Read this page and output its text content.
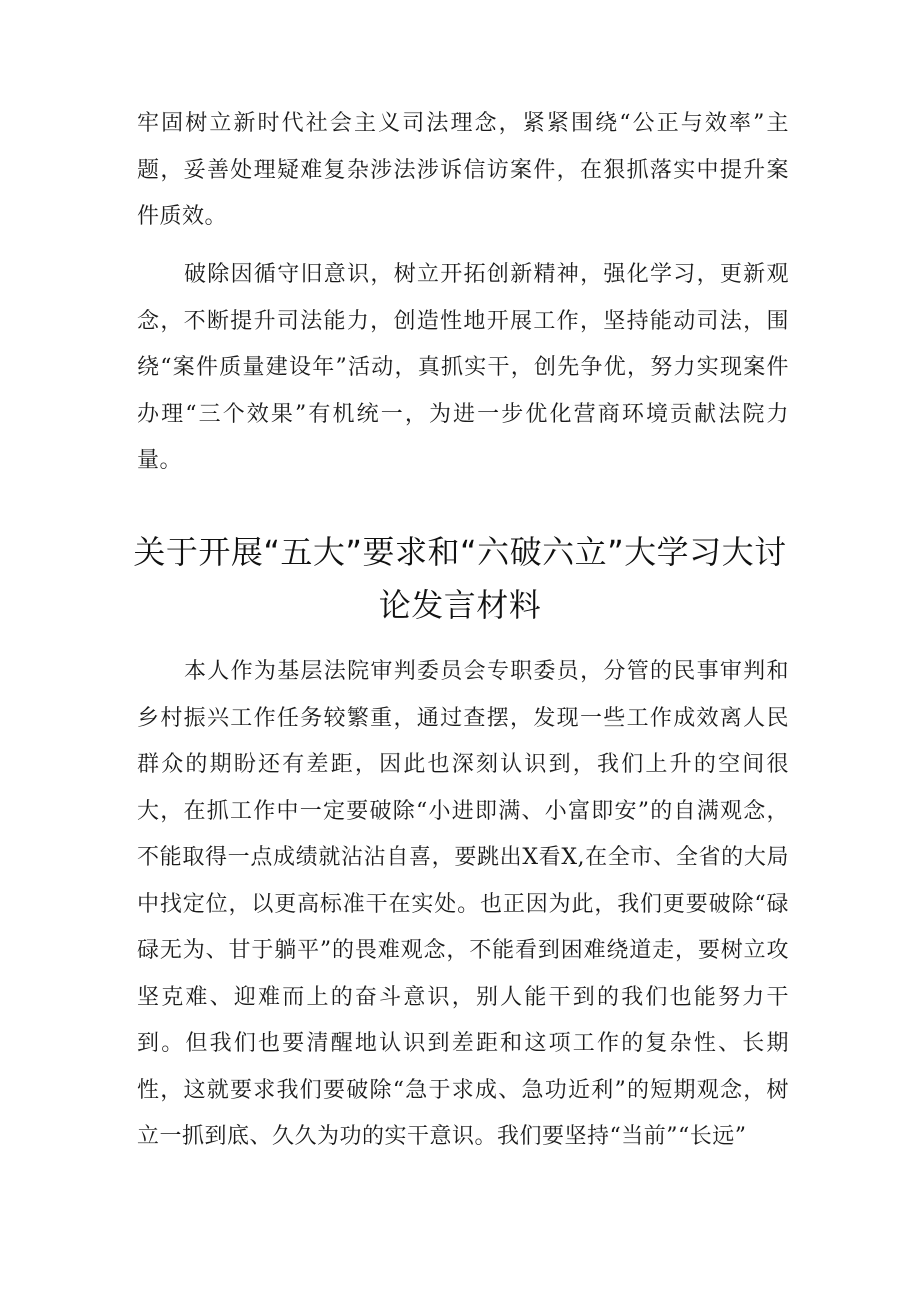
牢固树立新时代社会主义司法理念，紧紧围绕“公正与效率”主题，妥善处理疑难复杂涉法涉诉信访案件，在狠抓落实中提升案件质效。

破除因循守旧意识，树立开拓创新精神，强化学习，更新观念，不断提升司法能力，创造性地开展工作，坚持能动司法，围绕“案件质量建设年”活动，真抓实干，创先争优，努力实现案件办理“三个效果”有机统一，为进一步优化营商环境贡献法院力量。

关于开展“五大”要求和“六破六立”大学习大讨论发言材料

本人作为基层法院审判委员会专职委员，分管的民事审判和乡村振兴工作任务较繁重，通过查摆，发现一些工作成效离人民群众的期盼还有差距，因此也深刻认识到，我们上升的空间很大，在抓工作中一定要破除“小进即满、小富即安”的自满观念，不能取得一点成绩就沾沾自喜，要跳出X看X,在全市、全省的大局中找定位，以更高标准干在实处。也正因为此，我们更要破除“碌碌无为、甘于躺平”的畏难观念，不能看到困难绕道走，要树立攻坚克难、迎难而上的奋斗意识，别人能干到的我们也能努力干到。但我们也要清醒地认识到差距和这项工作的复杂性、长期性，这就要求我们要破除“急于求成、急功近利”的短期观念，树立一抓到底、久久为功的实干意识。我们要坚持“当前”“长远”
